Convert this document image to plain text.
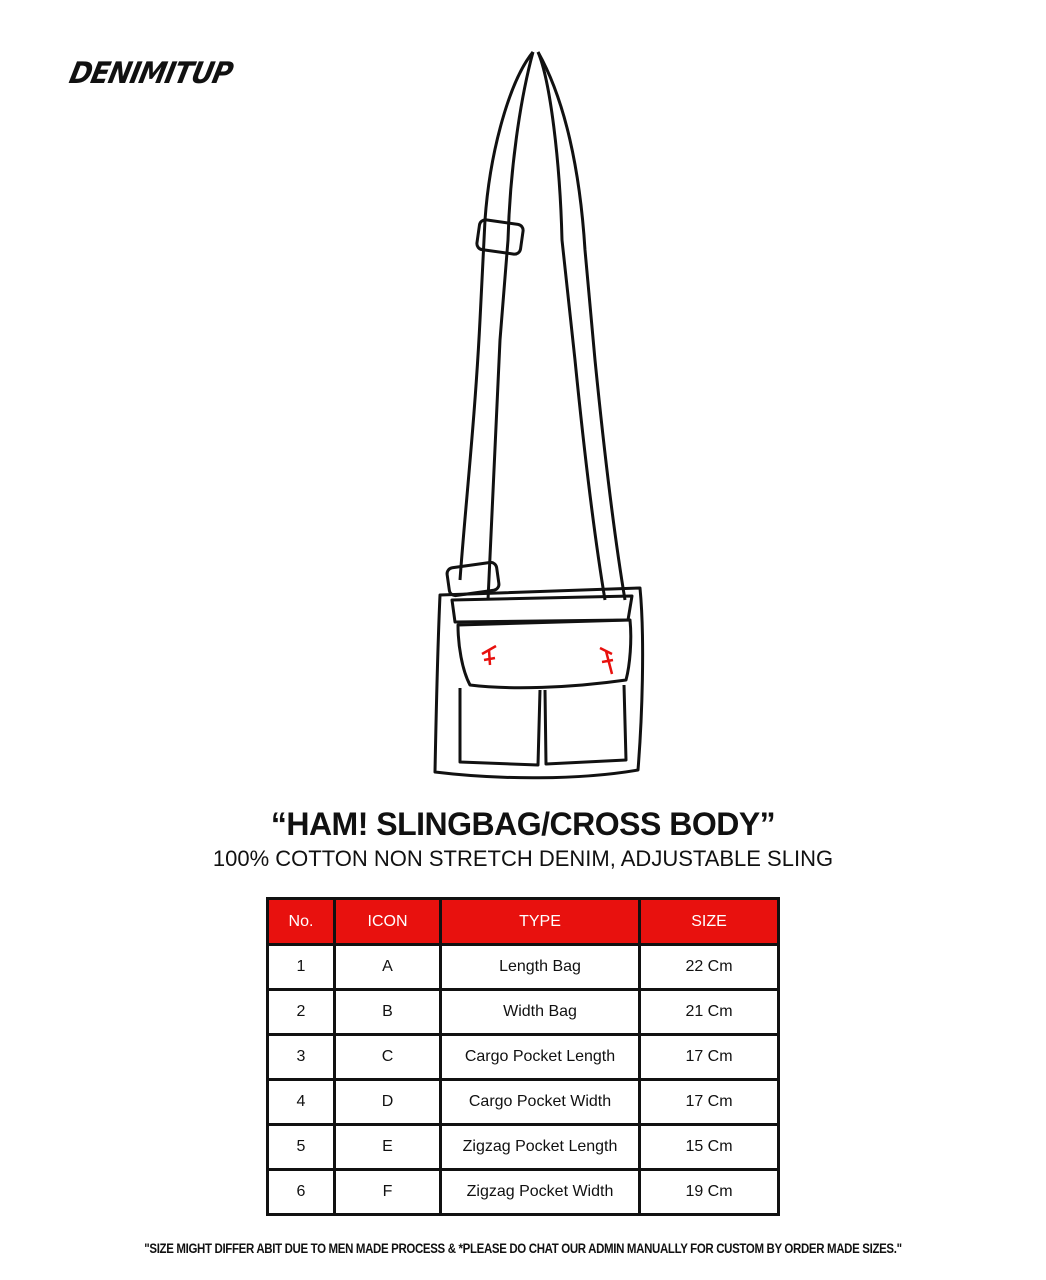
DENIMITUP
“HAM! SLINGBAG/CROSS BODY”
100% COTTON NON STRETCH DENIM, ADJUSTABLE SLING
No.	ICON	TYPE	SIZE
1	A	Length Bag	22 Cm
2	B	Width Bag	21 Cm
3	C	Cargo Pocket Length	17 Cm
4	D	Cargo Pocket Width	17 Cm
5	E	Zigzag Pocket Length	15 Cm
6	F	Zigzag Pocket Width	19 Cm
"SIZE MIGHT DIFFER ABIT DUE TO MEN MADE PROCESS & *PLEASE DO CHAT OUR ADMIN MANUALLY FOR CUSTOM BY ORDER MADE SIZES."
